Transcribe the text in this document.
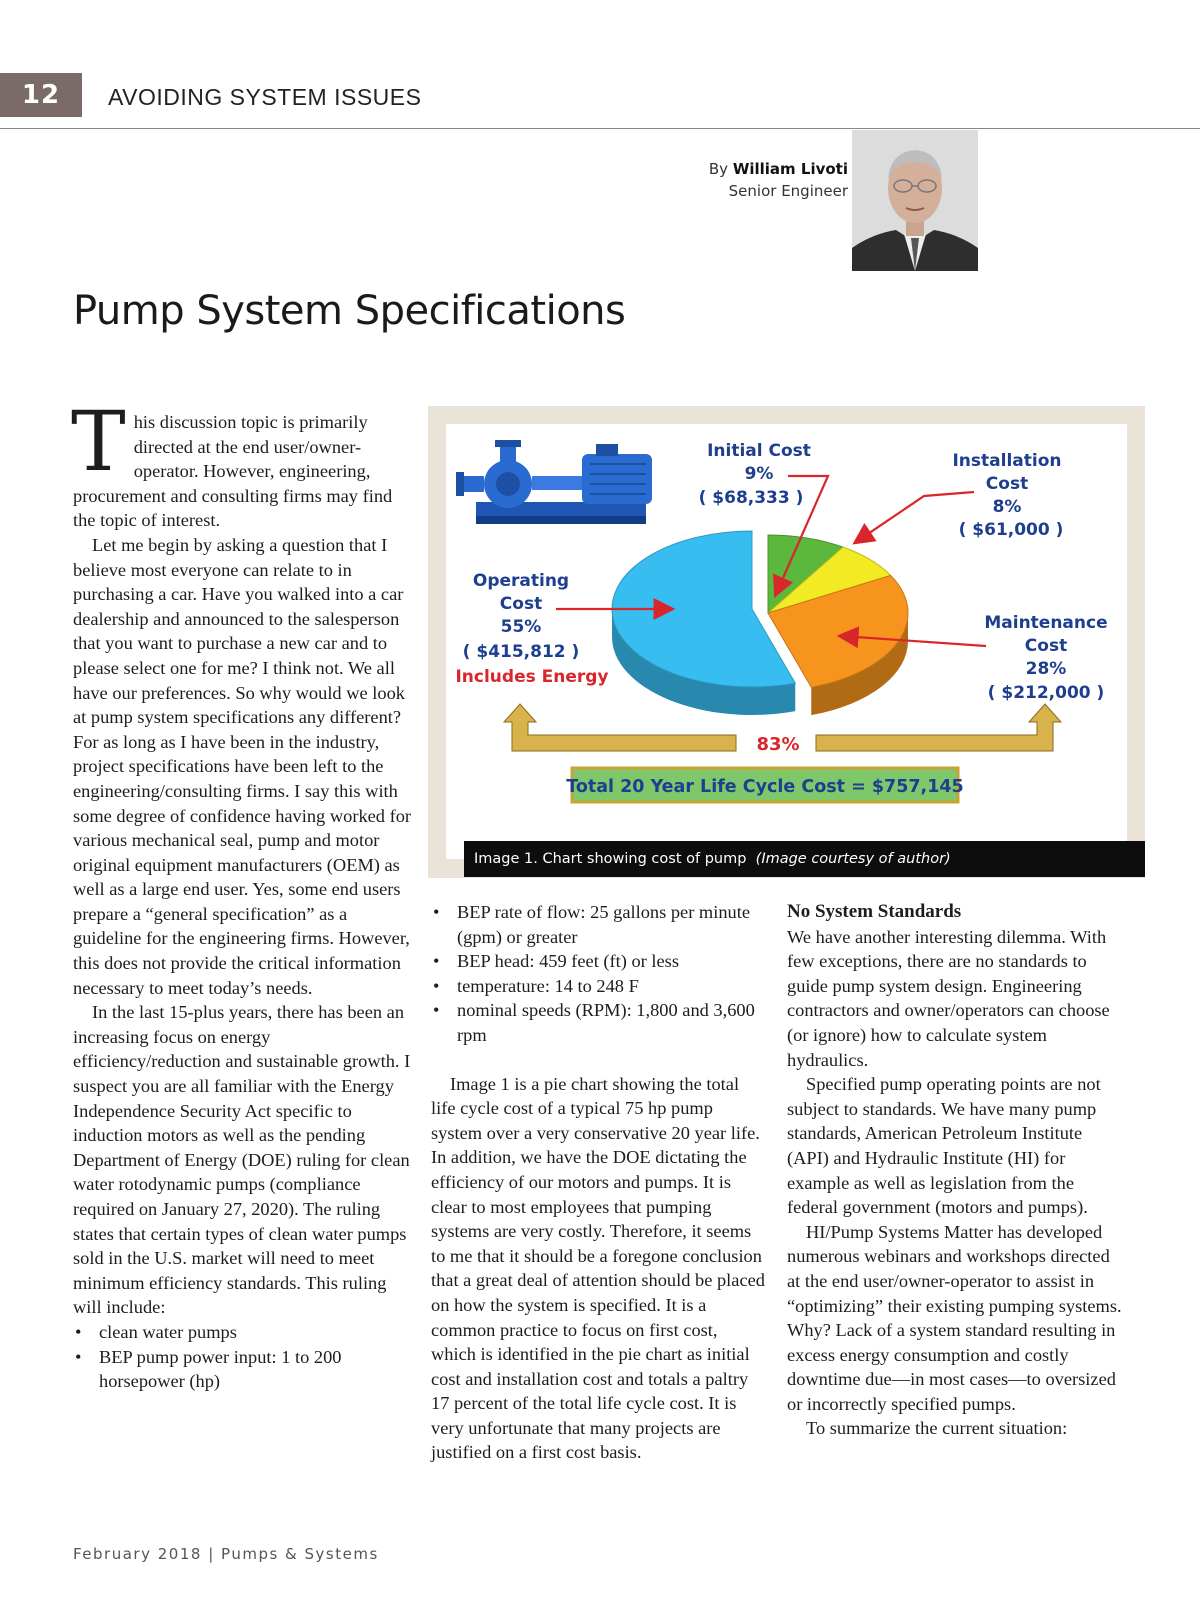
12	AVOIDING SYSTEM ISSUES
By William Livoti
Senior Engineer
Pump System Specifications

This discussion topic is primarily directed at the end user/owner-operator. However, engineering, procurement and consulting firms may find the topic of interest.

Let me begin by asking a question that I believe most everyone can relate to in purchasing a car. Have you walked into a car dealership and announced to the salesperson that you want to purchase a new car and to please select one for me? I think not. We all have our preferences. So why would we look at pump system specifications any different? For as long as I have been in the industry, project specifications have been left to the engineering/consulting firms. I say this with some degree of confidence having worked for various mechanical seal, pump and motor original equipment manufacturers (OEM) as well as a large end user. Yes, some end users prepare a “general specification” as a guideline for the engineering firms. However, this does not provide the critical information necessary to meet today’s needs.

In the last 15-plus years, there has been an increasing focus on energy efficiency/reduction and sustainable growth. I suspect you are all familiar with the Energy Independence Security Act specific to induction motors as well as the pending Department of Energy (DOE) ruling for clean water rotodynamic pumps (compliance required on January 27, 2020). The ruling states that certain types of clean water pumps sold in the U.S. market will need to meet minimum efficiency standards. This ruling will include:

• clean water pumps
• BEP pump power input: 1 to 200 horsepower (hp)
Initial Cost
9%
( $68,333 )
Installation
Cost
8%
( $61,000 )
Operating
Cost
55%
( $415,812 )
Includes Energy
Maintenance
Cost
28%
( $212,000 )
83%
Total 20 Year Life Cycle Cost = $757,145
Image 1. Chart showing cost of pump (Image courtesy of author)
• BEP rate of flow: 25 gallons per minute (gpm) or greater
• BEP head: 459 feet (ft) or less
• temperature: 14 to 248 F
• nominal speeds (RPM): 1,800 and 3,600 rpm

Image 1 is a pie chart showing the total life cycle cost of a typical 75 hp pump system over a very conservative 20 year life. In addition, we have the DOE dictating the efficiency of our motors and pumps. It is clear to most employees that pumping systems are very costly. Therefore, it seems to me that it should be a foregone conclusion that a great deal of attention should be placed on how the system is specified. It is a common practice to focus on first cost, which is identified in the pie chart as initial cost and installation cost and totals a paltry 17 percent of the total life cycle cost. It is very unfortunate that many projects are justified on a first cost basis.

No System Standards

We have another interesting dilemma. With few exceptions, there are no standards to guide pump system design. Engineering contractors and owner/operators can choose (or ignore) how to calculate system hydraulics.

Specified pump operating points are not subject to standards. We have many pump standards, American Petroleum Institute (API) and Hydraulic Institute (HI) for example as well as legislation from the federal government (motors and pumps).

HI/Pump Systems Matter has developed numerous webinars and workshops directed at the end user/owner-operator to assist in “optimizing” their existing pumping systems. Why? Lack of a system standard resulting in excess energy consumption and costly downtime due—in most cases—to oversized or incorrectly specified pumps.

To summarize the current situation:

February 2018 | Pumps & Systems
